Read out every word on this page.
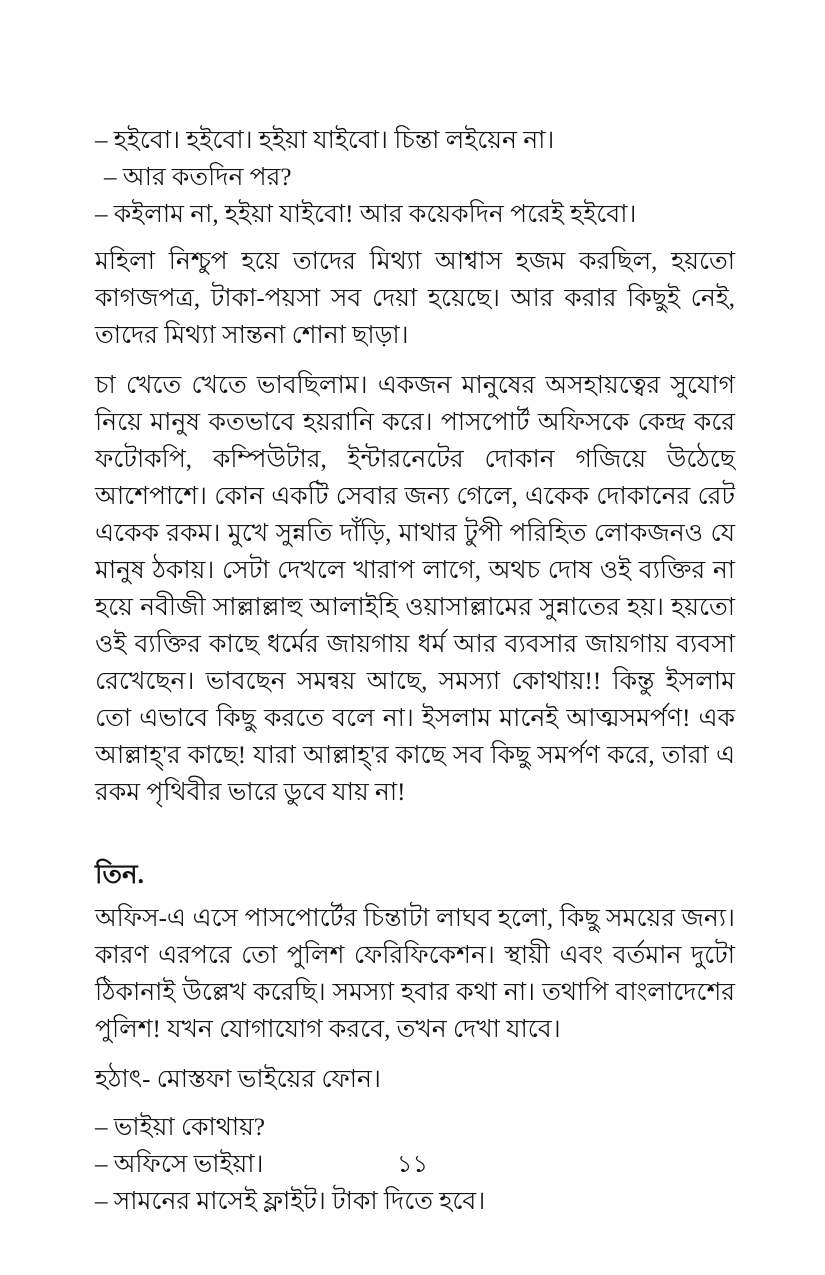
– হইবো। হইবো। হইয়া যাইবো। চিন্তা লইয়েন না।
– আর কতদিন পর?
– কইলাম না, হইয়া যাইবো! আর কয়েকদিন পরেই হইবো।

মহিলা নিশ্চুপ হয়ে তাদের মিথ্যা আশ্বাস হজম করছিল, হয়তো কাগজপত্র, টাকা-পয়সা সব দেয়া হয়েছে। আর করার কিছুই নেই, তাদের মিথ্যা সান্তনা শোনা ছাড়া।

চা খেতে খেতে ভাবছিলাম। একজন মানুষের অসহায়ত্বের সুযোগ নিয়ে মানুষ কতভাবে হয়রানি করে। পাসপোর্ট অফিসকে কেন্দ্র করে ফটোকপি, কম্পিউটার, ইন্টারনেটের দোকান গজিয়ে উঠেছে আশেপাশে। কোন একটি সেবার জন্য গেলে, একেক দোকানের রেট একেক রকম। মুখে সুন্নতি দাঁড়ি, মাথার টুপী পরিহিত লোকজনও যে মানুষ ঠকায়। সেটা দেখলে খারাপ লাগে, অথচ দোষ ওই ব্যক্তির না হয়ে নবীজী সাল্লাল্লাহু আলাইহি ওয়াসাল্লামের সুন্নাতের হয়। হয়তো ওই ব্যক্তির কাছে ধর্মের জায়গায় ধর্ম আর ব্যবসার জায়গায় ব্যবসা রেখেছেন। ভাবছেন সমন্বয় আছে, সমস্যা কোথায়!! কিন্তু ইসলাম তো এভাবে কিছু করতে বলে না। ইসলাম মানেই আত্মসমর্পণ! এক আল্লাহ্'র কাছে! যারা আল্লাহ্'র কাছে সব কিছু সমর্পণ করে, তারা এ রকম পৃথিবীর ভারে ডুবে যায় না!

তিন.

অফিস-এ এসে পাসপোর্টের চিন্তাটা লাঘব হলো, কিছু সময়ের জন্য। কারণ এরপরে তো পুলিশ ফেরিফিকেশন। স্থায়ী এবং বর্তমান দুটো ঠিকানাই উল্লেখ করেছি। সমস্যা হবার কথা না। তথাপি বাংলাদেশের পুলিশ! যখন যোগাযোগ করবে, তখন দেখা যাবে।

হঠাৎ- মোস্তফা ভাইয়ের ফোন।
– ভাইয়া কোথায়?
– অফিসে ভাইয়া।
– সামনের মাসেই ফ্লাইট। টাকা দিতে হবে।
১১
